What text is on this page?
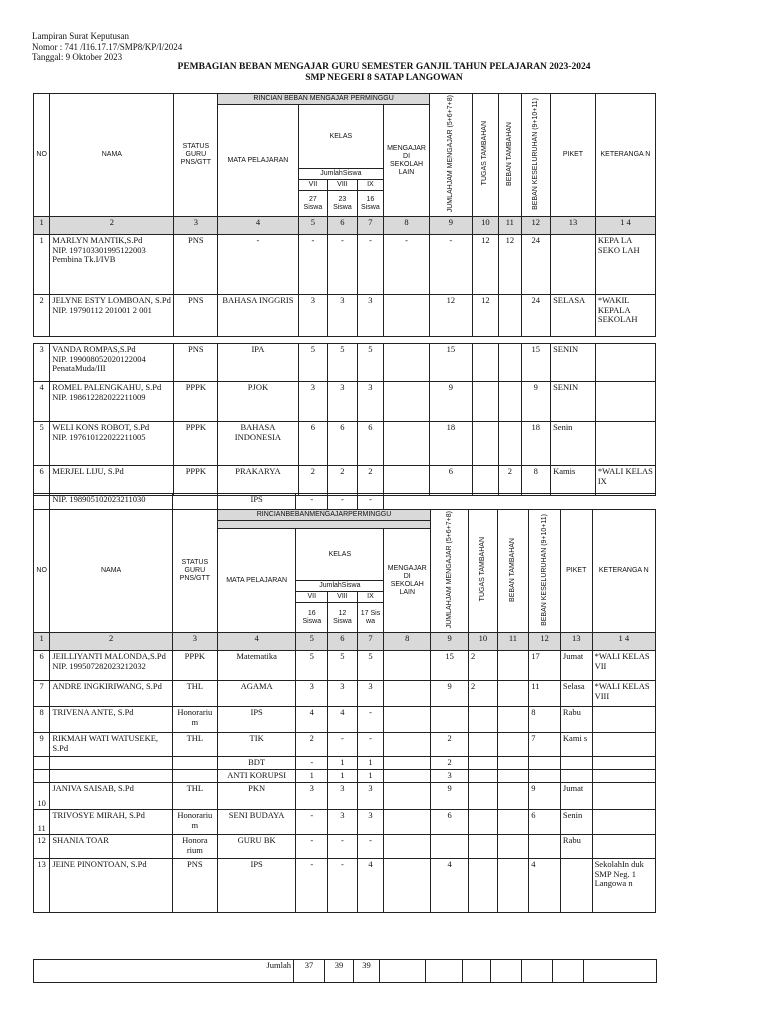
Lampiran Surat Keputusan
Nomor : 741 /I16.17.17/SMP8/KP/I/2024
Tanggal: 9 Oktober 2023
PEMBAGIAN BEBAN MENGAJAR GURU SEMESTER GANJIL TAHUN PELAJARAN 2023-2024
SMP NEGERI 8 SATAP LANGOWAN
NO	NAMA	STATUS GURU PNS/GTT	RINCIAN BEBAN MENGAJAR PERMINGGU					JUMLAHJAM MENGAJAR (5+6+7+8)	TUGAS TAMBAHAN	BEBAN TAMBAHAN	BEBAN KESELURUHAN (9+10+11)	PIKET	KETERANGA N
			MATA PELAJARAN	KELAS			MENGAJAR DI SEKOLAH LAIN						
				JumlahSiswa									
				VII	VIII	IX							
				27 Siswa	23 Siswa	16 Siswa							
1	2	3	4	5	6	7	8	9	10	11	12	13	1 4
1	MARLYN MANTIK,S.Pd
NIP. 197103301995122003
Pembina Tk.I/IVB	PNS	-	-	-	-	-	-	12	12	24		KEPA LA SEKO LAH
2	JELYNE ESTY LOMBOAN, S.Pd
NIP. 19790112 201001 2 001	PNS	BAHASA INGGRIS	3	3	3		12	12		24	SELASA	*WAKIL KEPALA SEKOLAH

3	VANDA ROMPAS,S.Pd
NIP. 199008052020122004
PenataMuda/III	PNS	IPA	5	5	5		15			15	SENIN	
4	ROMEL PALENGKAHU, S.Pd
NIP. 198612282022211009	PPPK	PJOK	3	3	3		9			9	SENIN	
5	WELI KONS ROBOT, S.Pd
NIP. 197610122022211005	PPPK	BAHASA INDONESIA	6	6	6		18			18	Senin	
6	MERJEL LIJU, S.Pd	PPPK	PRAKARYA	2	2	2		6		2	8	Kamis	*WALI KELAS IX
	NIP. 198905102023211030		IPS	-	-	-							
NO	NAMA	STATUS GURU PNS/GTT	RINCIANBEBANMENGAJARPERMINGGU					JUMLAHJAM MENGAJAR (5+6+7+8)	TUGAS TAMBAHAN	BEBAN TAMBAHAN	BEBAN KESELURUHAN (9+10+11)	PIKET	KETERANGA N

			MATA PELAJARAN	KELAS			MENGAJAR DI SEKOLAH LAIN						
				JumlahSiswa									
				VII	VIII	IX							
				16 Siswa	12 Siswa	17 Sis wa							
1	2	3	4	5	6	7	8	9	10	11	12	13	1 4
6	JEILLIYANTI MALONDA,S.Pd
NIP. 199507282023212032	PPPK	Matematika	5	5	5		15	2		17	Jumat	*WALI KELAS VII
7	ANDRE INGKIRIWANG, S.Pd	THL	AGAMA	3	3	3		9	2		11	Selasa	*WALI KELAS VIII
8	TRIVENA ANTE, S.Pd	Honorariu m	IPS	4	4	-					8	Rabu	
9	RIKMAH WATI WATUSEKE, S.Pd	THL	TIK	2	-	-		2			7	Kami s	

		BDT	-	1	1		2					

		ANTI KORUPSI	1	1	1		3					
10	JANIVA SAISAB, S.Pd	THL	PKN	3	3	3		9			9	Jumat	
11	TRIVOSYE MIRAH, S.Pd	Honorariu m	SENI BUDAYA	-	3	3		6			6	Senin	
12	SHANIA TOAR	Honora rium	GURU BK	-	-	-						Rabu	
13	JEINE PINONTOAN, S.Pd	PNS	IPS	-	-	4		4			4		SekolahIn duk SMP Neg. 1 Langowa n
Jumlah	37	39	39							
